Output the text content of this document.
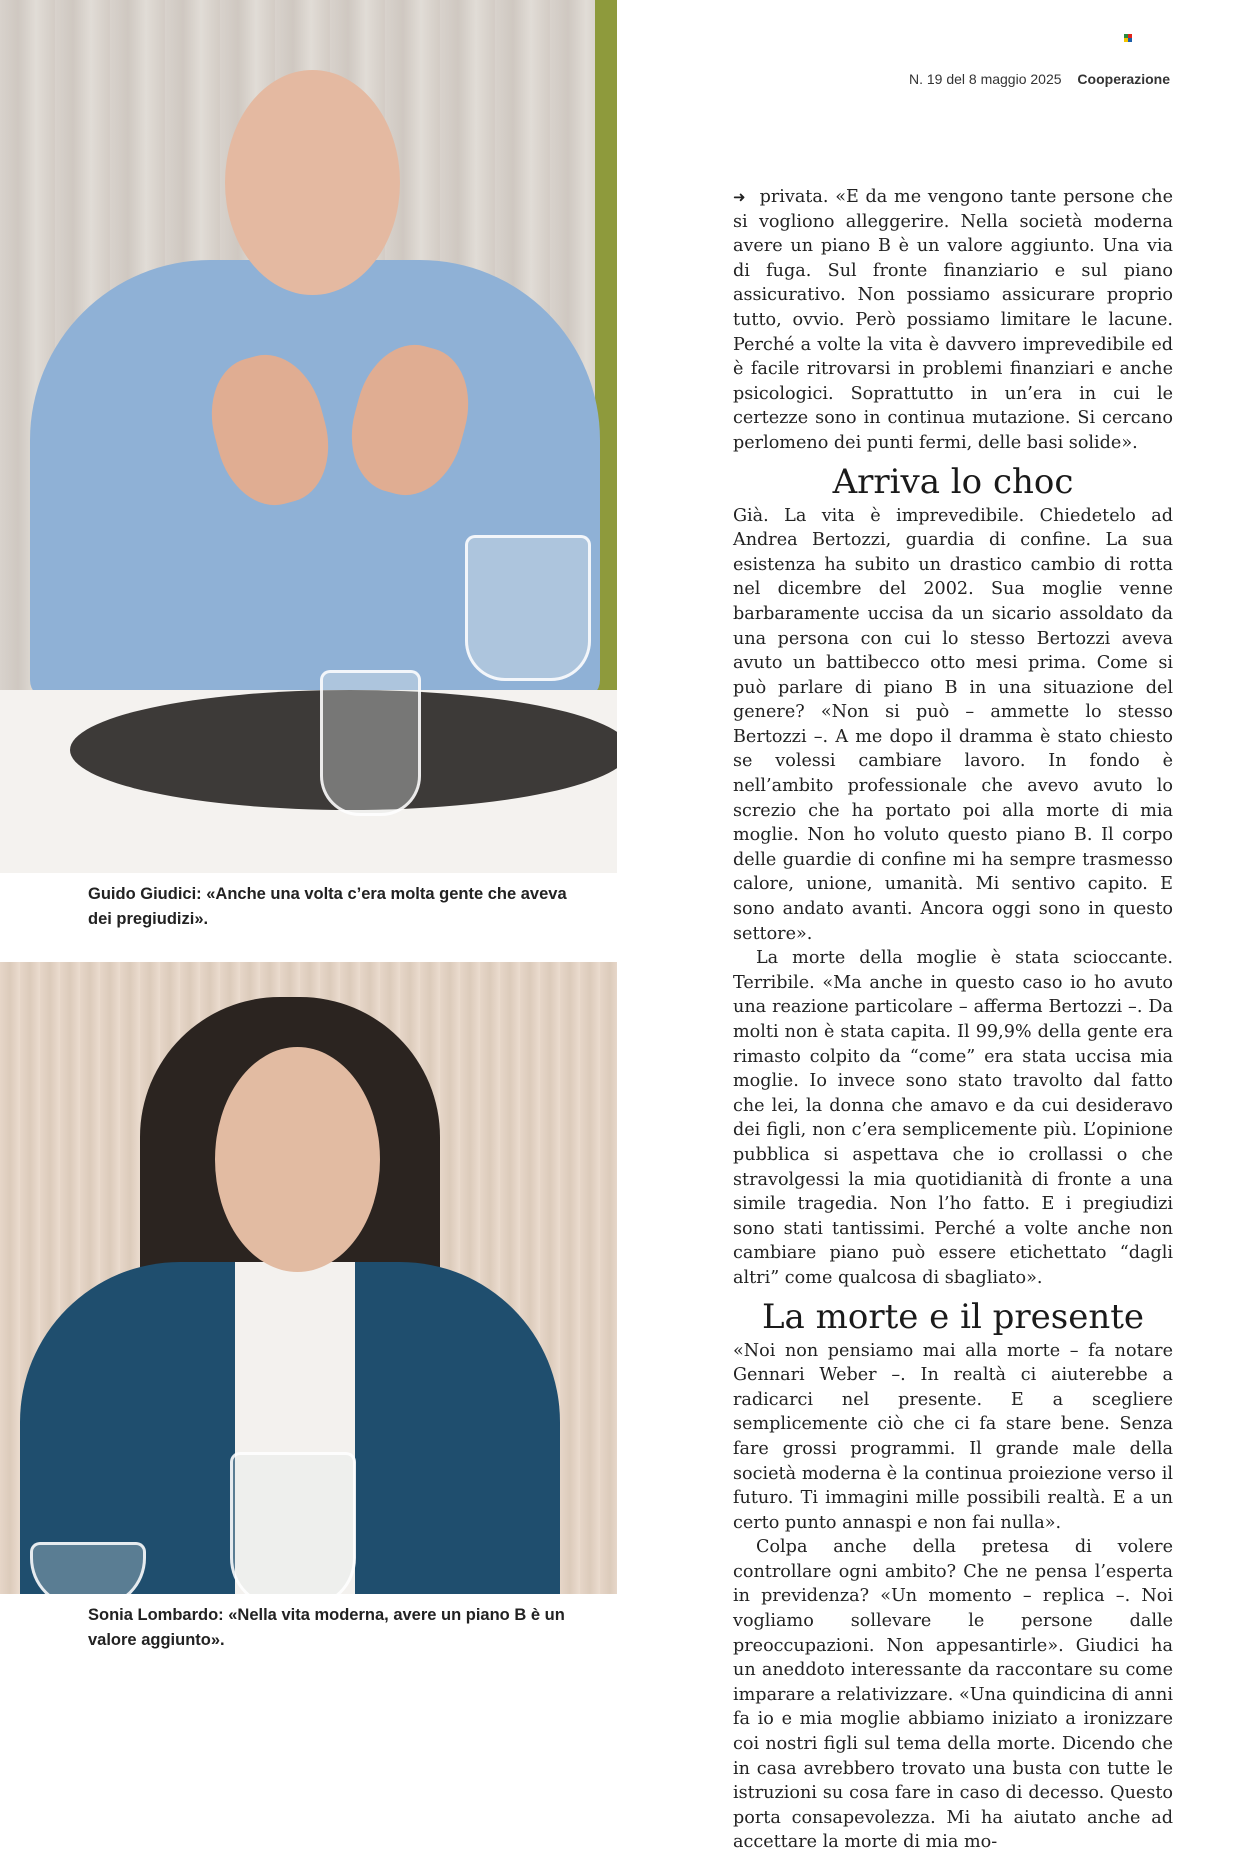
N. 19 del 8 maggio 2025 Cooperazione
Guido Giudici: «Anche una volta c’era molta gente che aveva dei pregiudizi».
Sonia Lombardo: «Nella vita moderna, avere un piano B è un valore aggiunto».

➜ privata. «E da me vengono tante persone che si vogliono alleggerire. Nella società moderna avere un piano B è un valore aggiunto. Una via di fuga. Sul fronte finanziario e sul piano assicurativo. Non possiamo assicurare proprio tutto, ovvio. Però possiamo limitare le lacune. Perché a volte la vita è davvero imprevedibile ed è facile ritrovarsi in problemi finanziari e anche psicologici. Soprattutto in un’era in cui le certezze sono in continua mutazione. Si cercano perlomeno dei punti fermi, delle basi solide».

Arriva lo choc

Già. La vita è imprevedibile. Chiedetelo ad Andrea Bertozzi, guardia di confine. La sua esistenza ha subito un drastico cambio di rotta nel dicembre del 2002. Sua moglie venne barbaramente uccisa da un sicario assoldato da una persona con cui lo stesso Bertozzi aveva avuto un battibecco otto mesi prima. Come si può parlare di piano B in una situazione del genere? «Non si può – ammette lo stesso Bertozzi –. A me dopo il dramma è stato chiesto se volessi cambiare lavoro. In fondo è nell’ambito professionale che avevo avuto lo screzio che ha portato poi alla morte di mia moglie. Non ho voluto questo piano B. Il corpo delle guardie di confine mi ha sempre trasmesso calore, unione, umanità. Mi sentivo capito. E sono andato avanti. Ancora oggi sono in questo settore».

La morte della moglie è stata scioccante. Terribile. «Ma anche in questo caso io ho avuto una reazione particolare – afferma Bertozzi –. Da molti non è stata capita. Il 99,9% della gente era rimasto colpito da “come” era stata uccisa mia moglie. Io invece sono stato travolto dal fatto che lei, la donna che amavo e da cui desideravo dei figli, non c’era semplicemente più. L’opinione pubblica si aspettava che io crollassi o che stravolgessi la mia quotidianità di fronte a una simile tragedia. Non l’ho fatto. E i pregiudizi sono stati tantissimi. Perché a volte anche non cambiare piano può essere etichettato “dagli altri” come qualcosa di sbagliato».

La morte e il presente

«Noi non pensiamo mai alla morte – fa notare Gennari Weber –. In realtà ci aiuterebbe a radicarci nel presente. E a scegliere semplicemente ciò che ci fa stare bene. Senza fare grossi programmi. Il grande male della società moderna è la continua proiezione verso il futuro. Ti immagini mille possibili realtà. E a un certo punto annaspi e non fai nulla».

Colpa anche della pretesa di volere controllare ogni ambito? Che ne pensa l’esperta in previdenza? «Un momento – replica –. Noi vogliamo sollevare le persone dalle preoccupazioni. Non appesantirle». Giudici ha un aneddoto interessante da raccontare su come imparare a relativizzare. «Una quindicina di anni fa io e mia moglie abbiamo iniziato a ironizzare coi nostri figli sul tema della morte. Dicendo che in casa avrebbero trovato una busta con tutte le istruzioni su cosa fare in caso di decesso. Questo porta consapevolezza. Mi ha aiutato anche ad accettare la morte di mia mo-
